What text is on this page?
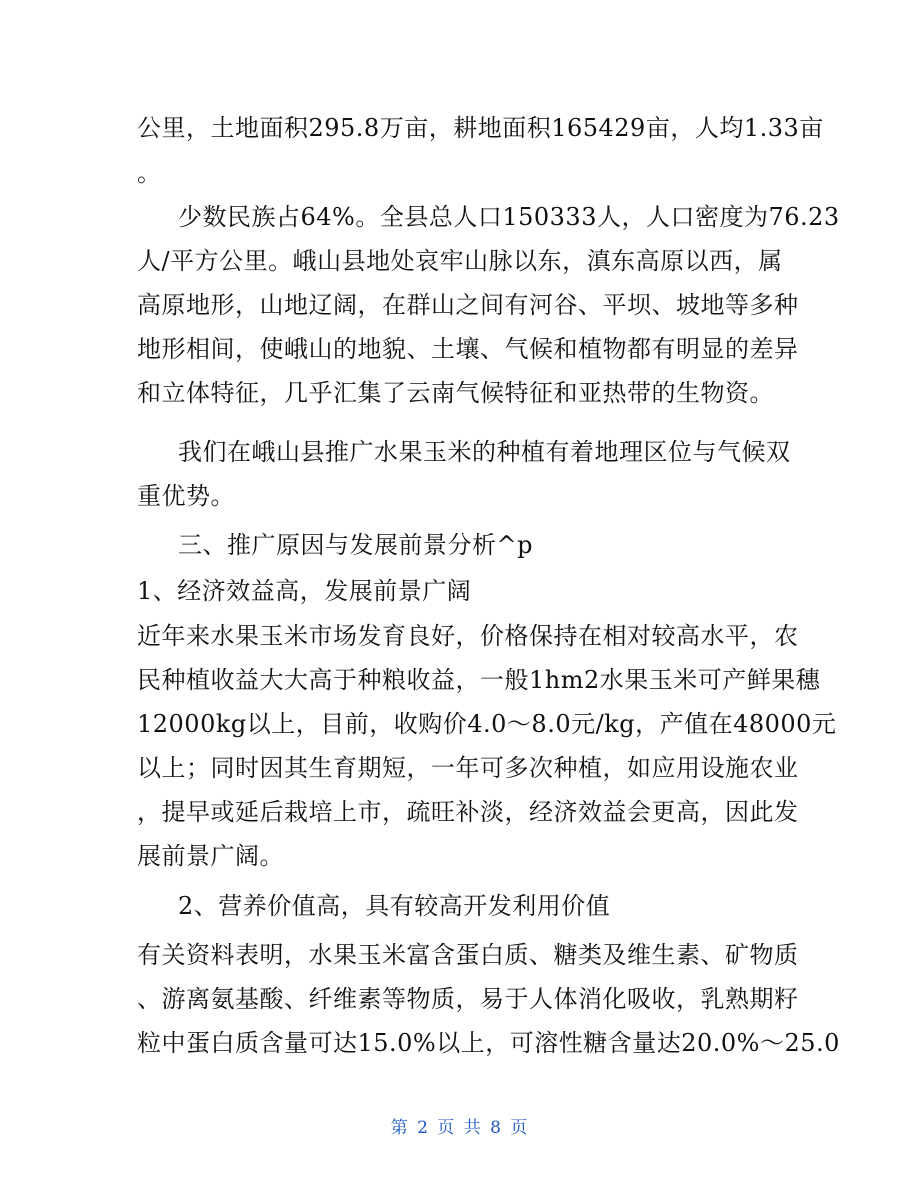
公里，土地面积295.8万亩，耕地面积165429亩，人均1.33亩
。
少数民族占64%。全县总人口150333人，人口密度为76.23
人/平方公里。峨山县地处哀牢山脉以东，滇东高原以西，属
高原地形，山地辽阔，在群山之间有河谷、平坝、坡地等多种
地形相间，使峨山的地貌、土壤、气候和植物都有明显的差异
和立体特征，几乎汇集了云南气候特征和亚热带的生物资。
我们在峨山县推广水果玉米的种植有着地理区位与气候双
重优势。
三、推广原因与发展前景分析^p
1、经济效益高，发展前景广阔
近年来水果玉米市场发育良好，价格保持在相对较高水平，农
民种植收益大大高于种粮收益，一般1hm2水果玉米可产鲜果穗
12000kg以上，目前，收购价4.0～8.0元/kg，产值在48000元
以上；同时因其生育期短，一年可多次种植，如应用设施农业
，提早或延后栽培上市，疏旺补淡，经济效益会更高，因此发
展前景广阔。
2、营养价值高，具有较高开发利用价值
有关资料表明，水果玉米富含蛋白质、糖类及维生素、矿物质
、游离氨基酸、纤维素等物质，易于人体消化吸收，乳熟期籽
粒中蛋白质含量可达15.0%以上，可溶性糖含量达20.0%～25.0
第 2 页 共 8 页
